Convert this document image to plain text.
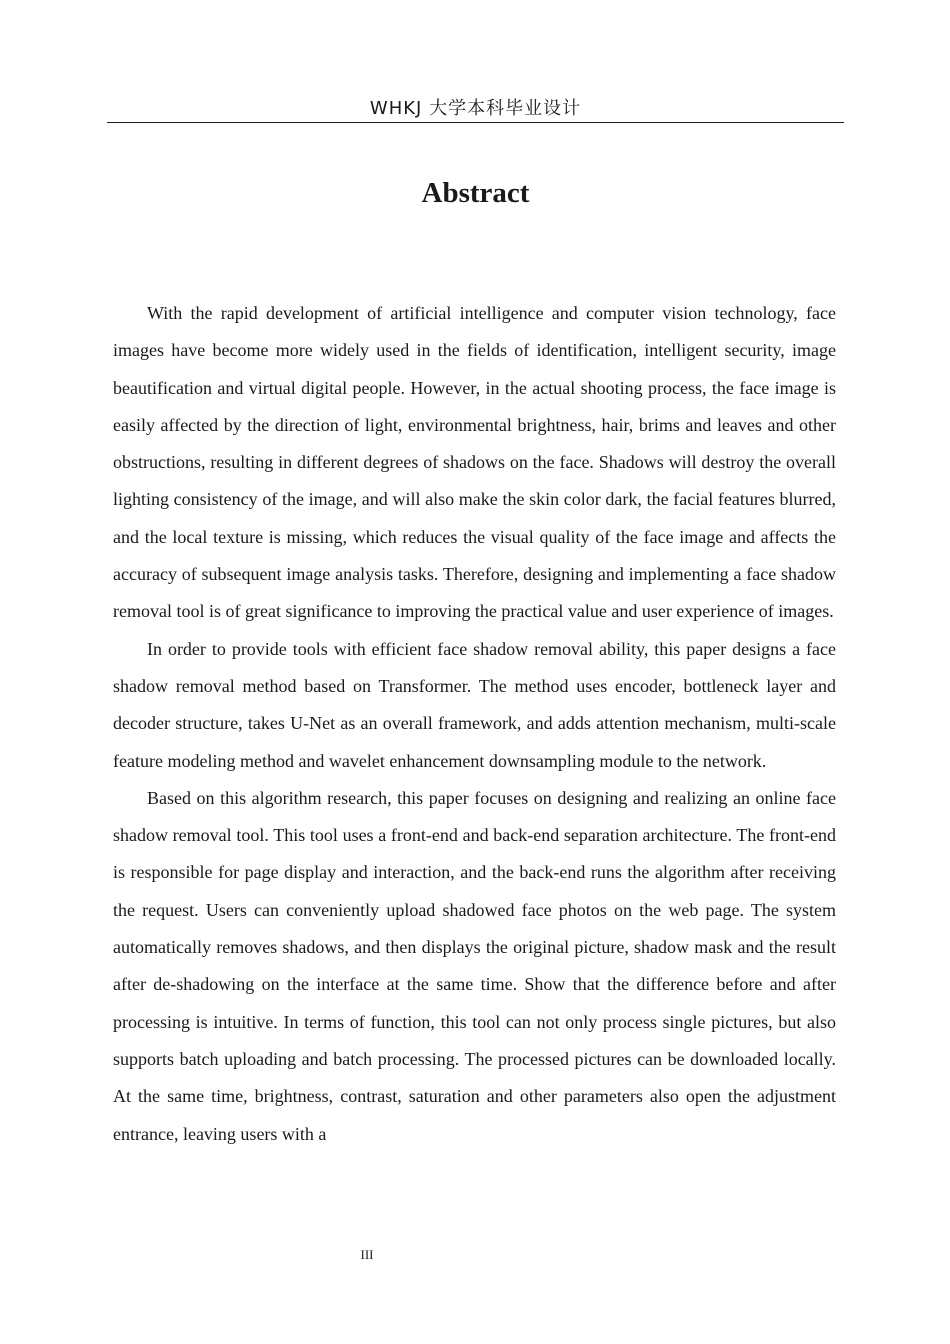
WHKJ 大学本科毕业设计
Abstract

With the rapid development of artificial intelligence and computer vision technology, face images have become more widely used in the fields of identification, intelligent security, image beautification and virtual digital people. However, in the actual shooting process, the face image is easily affected by the direction of light, environmental brightness, hair, brims and leaves and other obstructions, resulting in different degrees of shadows on the face. Shadows will destroy the overall lighting consistency of the image, and will also make the skin color dark, the facial features blurred, and the local texture is missing, which reduces the visual quality of the face image and affects the accuracy of subsequent image analysis tasks. Therefore, designing and implementing a face shadow removal tool is of great significance to improving the practical value and user experience of images.

In order to provide tools with efficient face shadow removal ability, this paper designs a face shadow removal method based on Transformer. The method uses encoder, bottleneck layer and decoder structure, takes U-Net as an overall framework, and adds attention mechanism, multi-scale feature modeling method and wavelet enhancement downsampling module to the network.

Based on this algorithm research, this paper focuses on designing and realizing an online face shadow removal tool. This tool uses a front-end and back-end separation architecture. The front-end is responsible for page display and interaction, and the back-end runs the algorithm after receiving the request. Users can conveniently upload shadowed face photos on the web page. The system automatically removes shadows, and then displays the original picture, shadow mask and the result after de-shadowing on the interface at the same time. Show that the difference before and after processing is intuitive. In terms of function, this tool can not only process single pictures, but also supports batch uploading and batch processing. The processed pictures can be downloaded locally. At the same time, brightness, contrast, saturation and other parameters also open the adjustment entrance, leaving users with a

III
